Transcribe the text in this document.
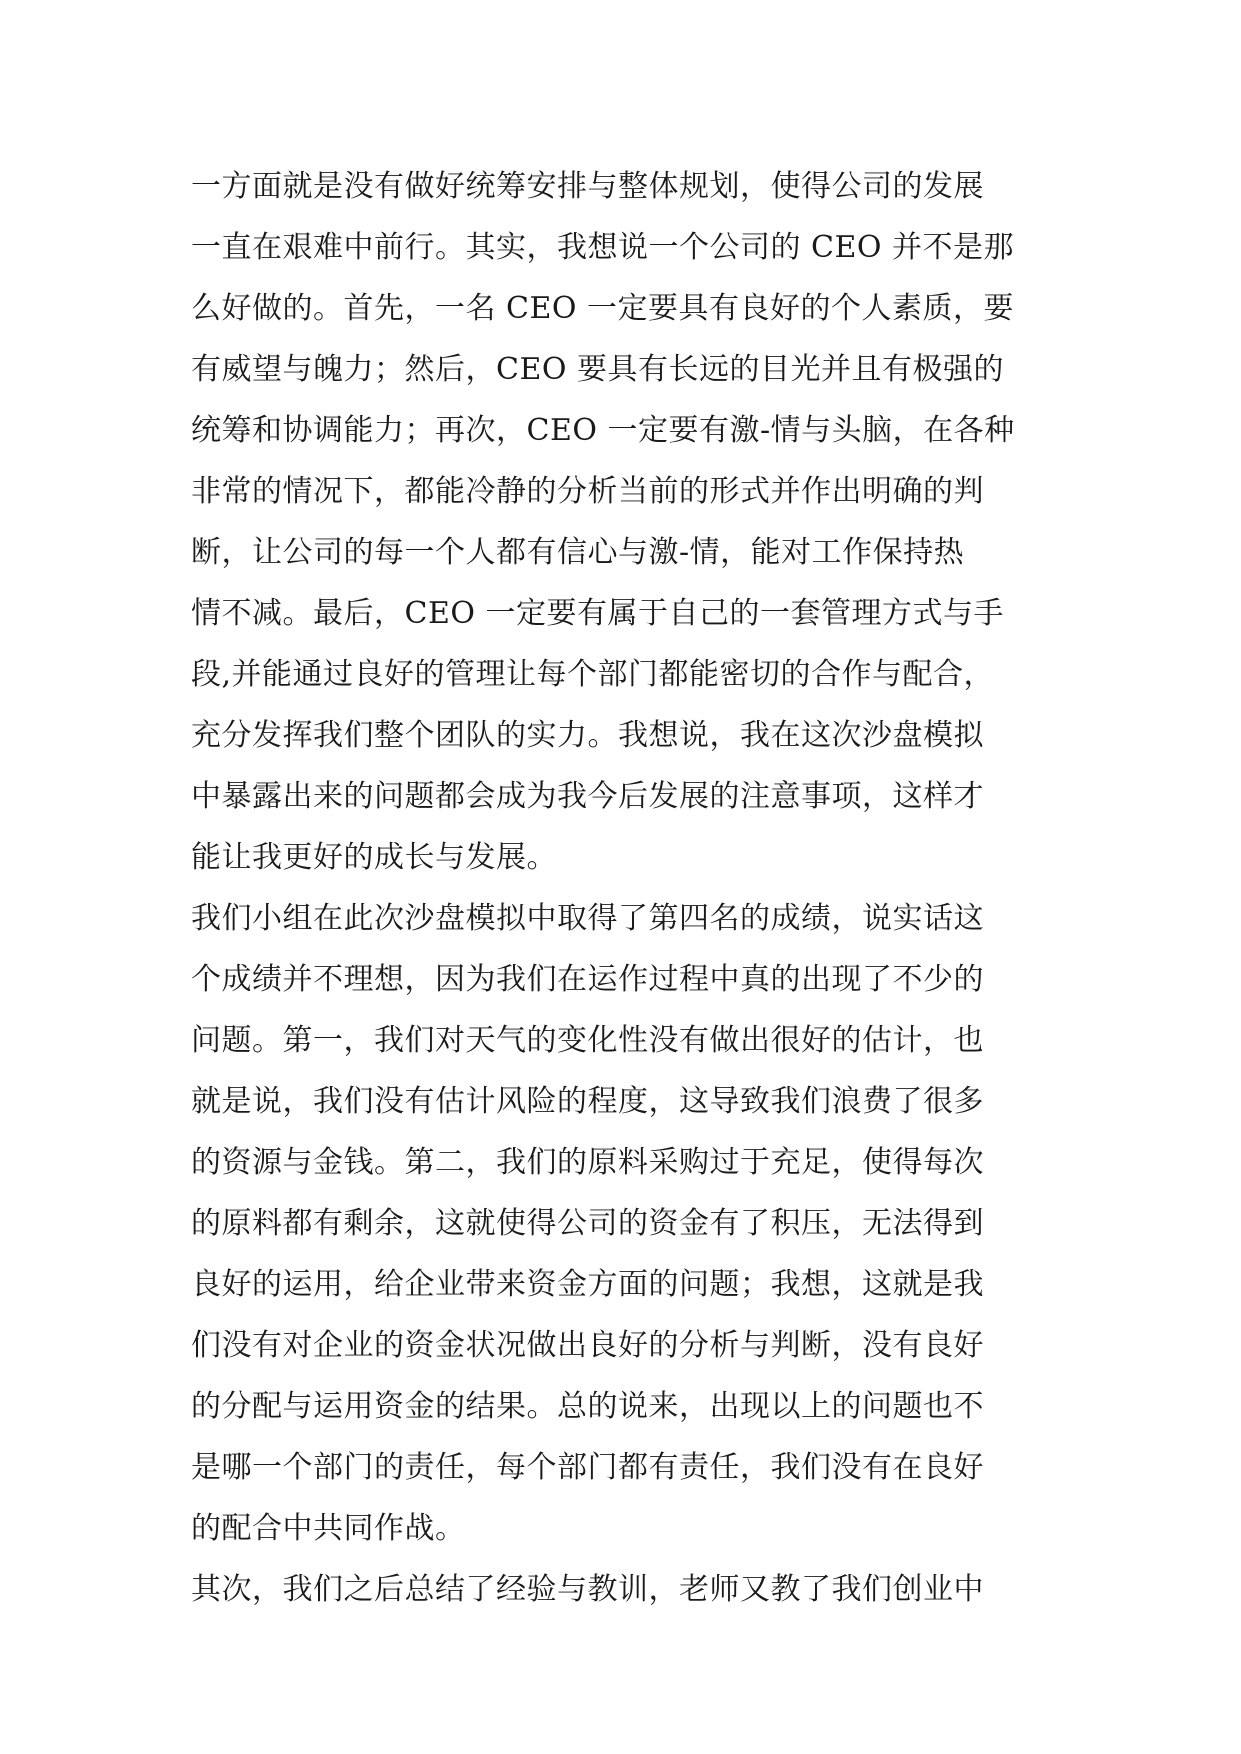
一方面就是没有做好统筹安排与整体规划，使得公司的发展
一直在艰难中前行。其实，我想说一个公司的 CEO 并不是那
么好做的。首先，一名 CEO 一定要具有良好的个人素质，要
有威望与魄力；然后，CEO 要具有长远的目光并且有极强的
统筹和协调能力；再次，CEO 一定要有激-情与头脑，在各种
非常的情况下，都能冷静的分析当前的形式并作出明确的判
断，让公司的每一个人都有信心与激-情，能对工作保持热
情不减。最后，CEO 一定要有属于自己的一套管理方式与手
段,并能通过良好的管理让每个部门都能密切的合作与配合，
充分发挥我们整个团队的实力。我想说，我在这次沙盘模拟
中暴露出来的问题都会成为我今后发展的注意事项，这样才
能让我更好的成长与发展。
我们小组在此次沙盘模拟中取得了第四名的成绩，说实话这
个成绩并不理想，因为我们在运作过程中真的出现了不少的
问题。第一，我们对天气的变化性没有做出很好的估计，也
就是说，我们没有估计风险的程度，这导致我们浪费了很多
的资源与金钱。第二，我们的原料采购过于充足，使得每次
的原料都有剩余，这就使得公司的资金有了积压，无法得到
良好的运用，给企业带来资金方面的问题；我想，这就是我
们没有对企业的资金状况做出良好的分析与判断，没有良好
的分配与运用资金的结果。总的说来，出现以上的问题也不
是哪一个部门的责任，每个部门都有责任，我们没有在良好
的配合中共同作战。
其次，我们之后总结了经验与教训，老师又教了我们创业中
